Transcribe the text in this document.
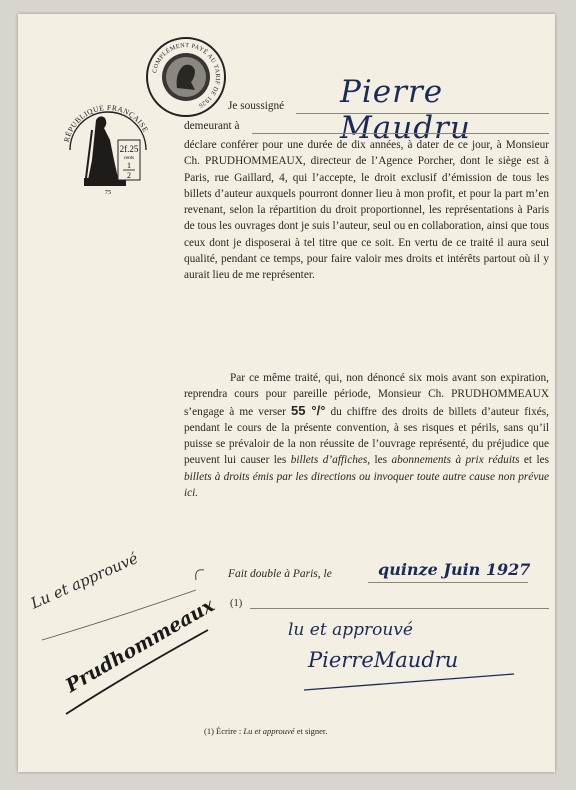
COMPLÉMENT PAYÉ AU TARIF DE 1926
RÉPUBLIQUE FRANÇAISE
2f.25
cents
1
2
75
Je soussigné Pierre Maudru
demeurant à

déclare conférer pour une durée de dix années, à dater de ce jour, à Monsieur Ch. PRUDHOMMEAUX, directeur de l’Agence Porcher, dont le siège est à Paris, rue Gaillard, 4, qui l’accepte, le droit exclusif d’émission de tous les billets d’auteur auxquels pourront donner lieu à mon profit, et pour la part m’en revenant, selon la répartition du droit proportionnel, les représentations à Paris de tous les ouvrages dont je suis l’auteur, seul ou en collaboration, ainsi que tous ceux dont je disposerai à tel titre que ce soit. En vertu de ce traité il aura seul qualité, pendant ce temps, pour faire valoir mes droits et intérêts partout où il y aurait lieu de me représenter.

Par ce même traité, qui, non dénoncé six mois avant son expiration, reprendra cours pour pareille période, Monsieur Ch. PRUDHOMMEAUX s’engage à me verser 55 °/° du chiffre des droits de billets d’auteur fixés, pendant le cours de la présente convention, à ses risques et périls, sans qu’il puisse se prévaloir de la non réussite de l’ouvrage représenté, du préjudice que peuvent lui causer les billets d’affiches, les abonnements à prix réduits et les billets à droits émis par les directions ou invoquer toute autre cause non prévue ici.

Fait double à Paris, le	quinze Juin 1927
(1)
Lu et approuvé
Prudhommeaux	lu et approuvé
PierreMaudru
(1) Écrire : Lu et approuvé et signer.
